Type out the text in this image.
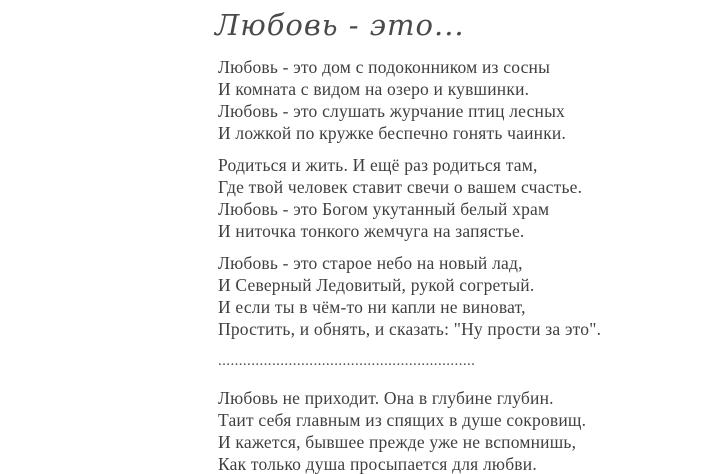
Любовь - это...
Любовь - это дом с подоконником из сосны
И комната с видом на озеро и кувшинки.
Любовь - это слушать журчание птиц лесных
И ложкой по кружке беспечно гонять чаинки.
Родиться и жить. И ещё раз родиться там,
Где твой человек ставит свечи о вашем счастье.
Любовь - это Богом укутанный белый храм
И ниточка тонкого жемчуга на запястье.
Любовь - это старое небо на новый лад,
И Северный Ледовитый, рукой согретый.
И если ты в чём-то ни капли не виноват,
Простить, и обнять, и сказать: "Ну прости за это".
..............................................................
Любовь не приходит. Она в глубине глубин.
Таит себя главным из спящих в душе сокровищ.
И кажется, бывшее прежде уже не вспомнишь,
Как только душа просыпается для любви.
